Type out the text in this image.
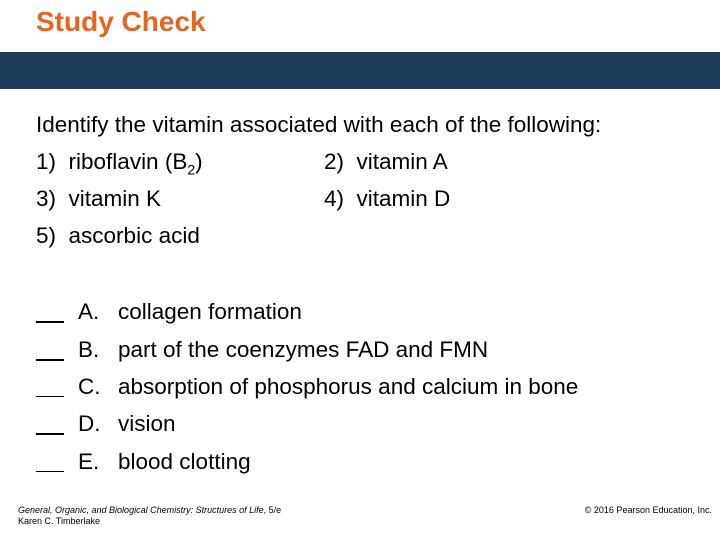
Study Check
Identify the vitamin associated with each of the following:
1) riboflavin $(B_2)$	2) vitamin A
3) vitamin K	4) vitamin D
5) ascorbic acid
A. collagen formation
B. part of the coenzymes FAD and FMN
C. absorption of phosphorus and calcium in bone
D. vision
E. blood clotting
General, Organic, and Biological Chemistry: Structures of Life, 5/e
Karen C. Timberlake
© 2016 Pearson Education, Inc.
